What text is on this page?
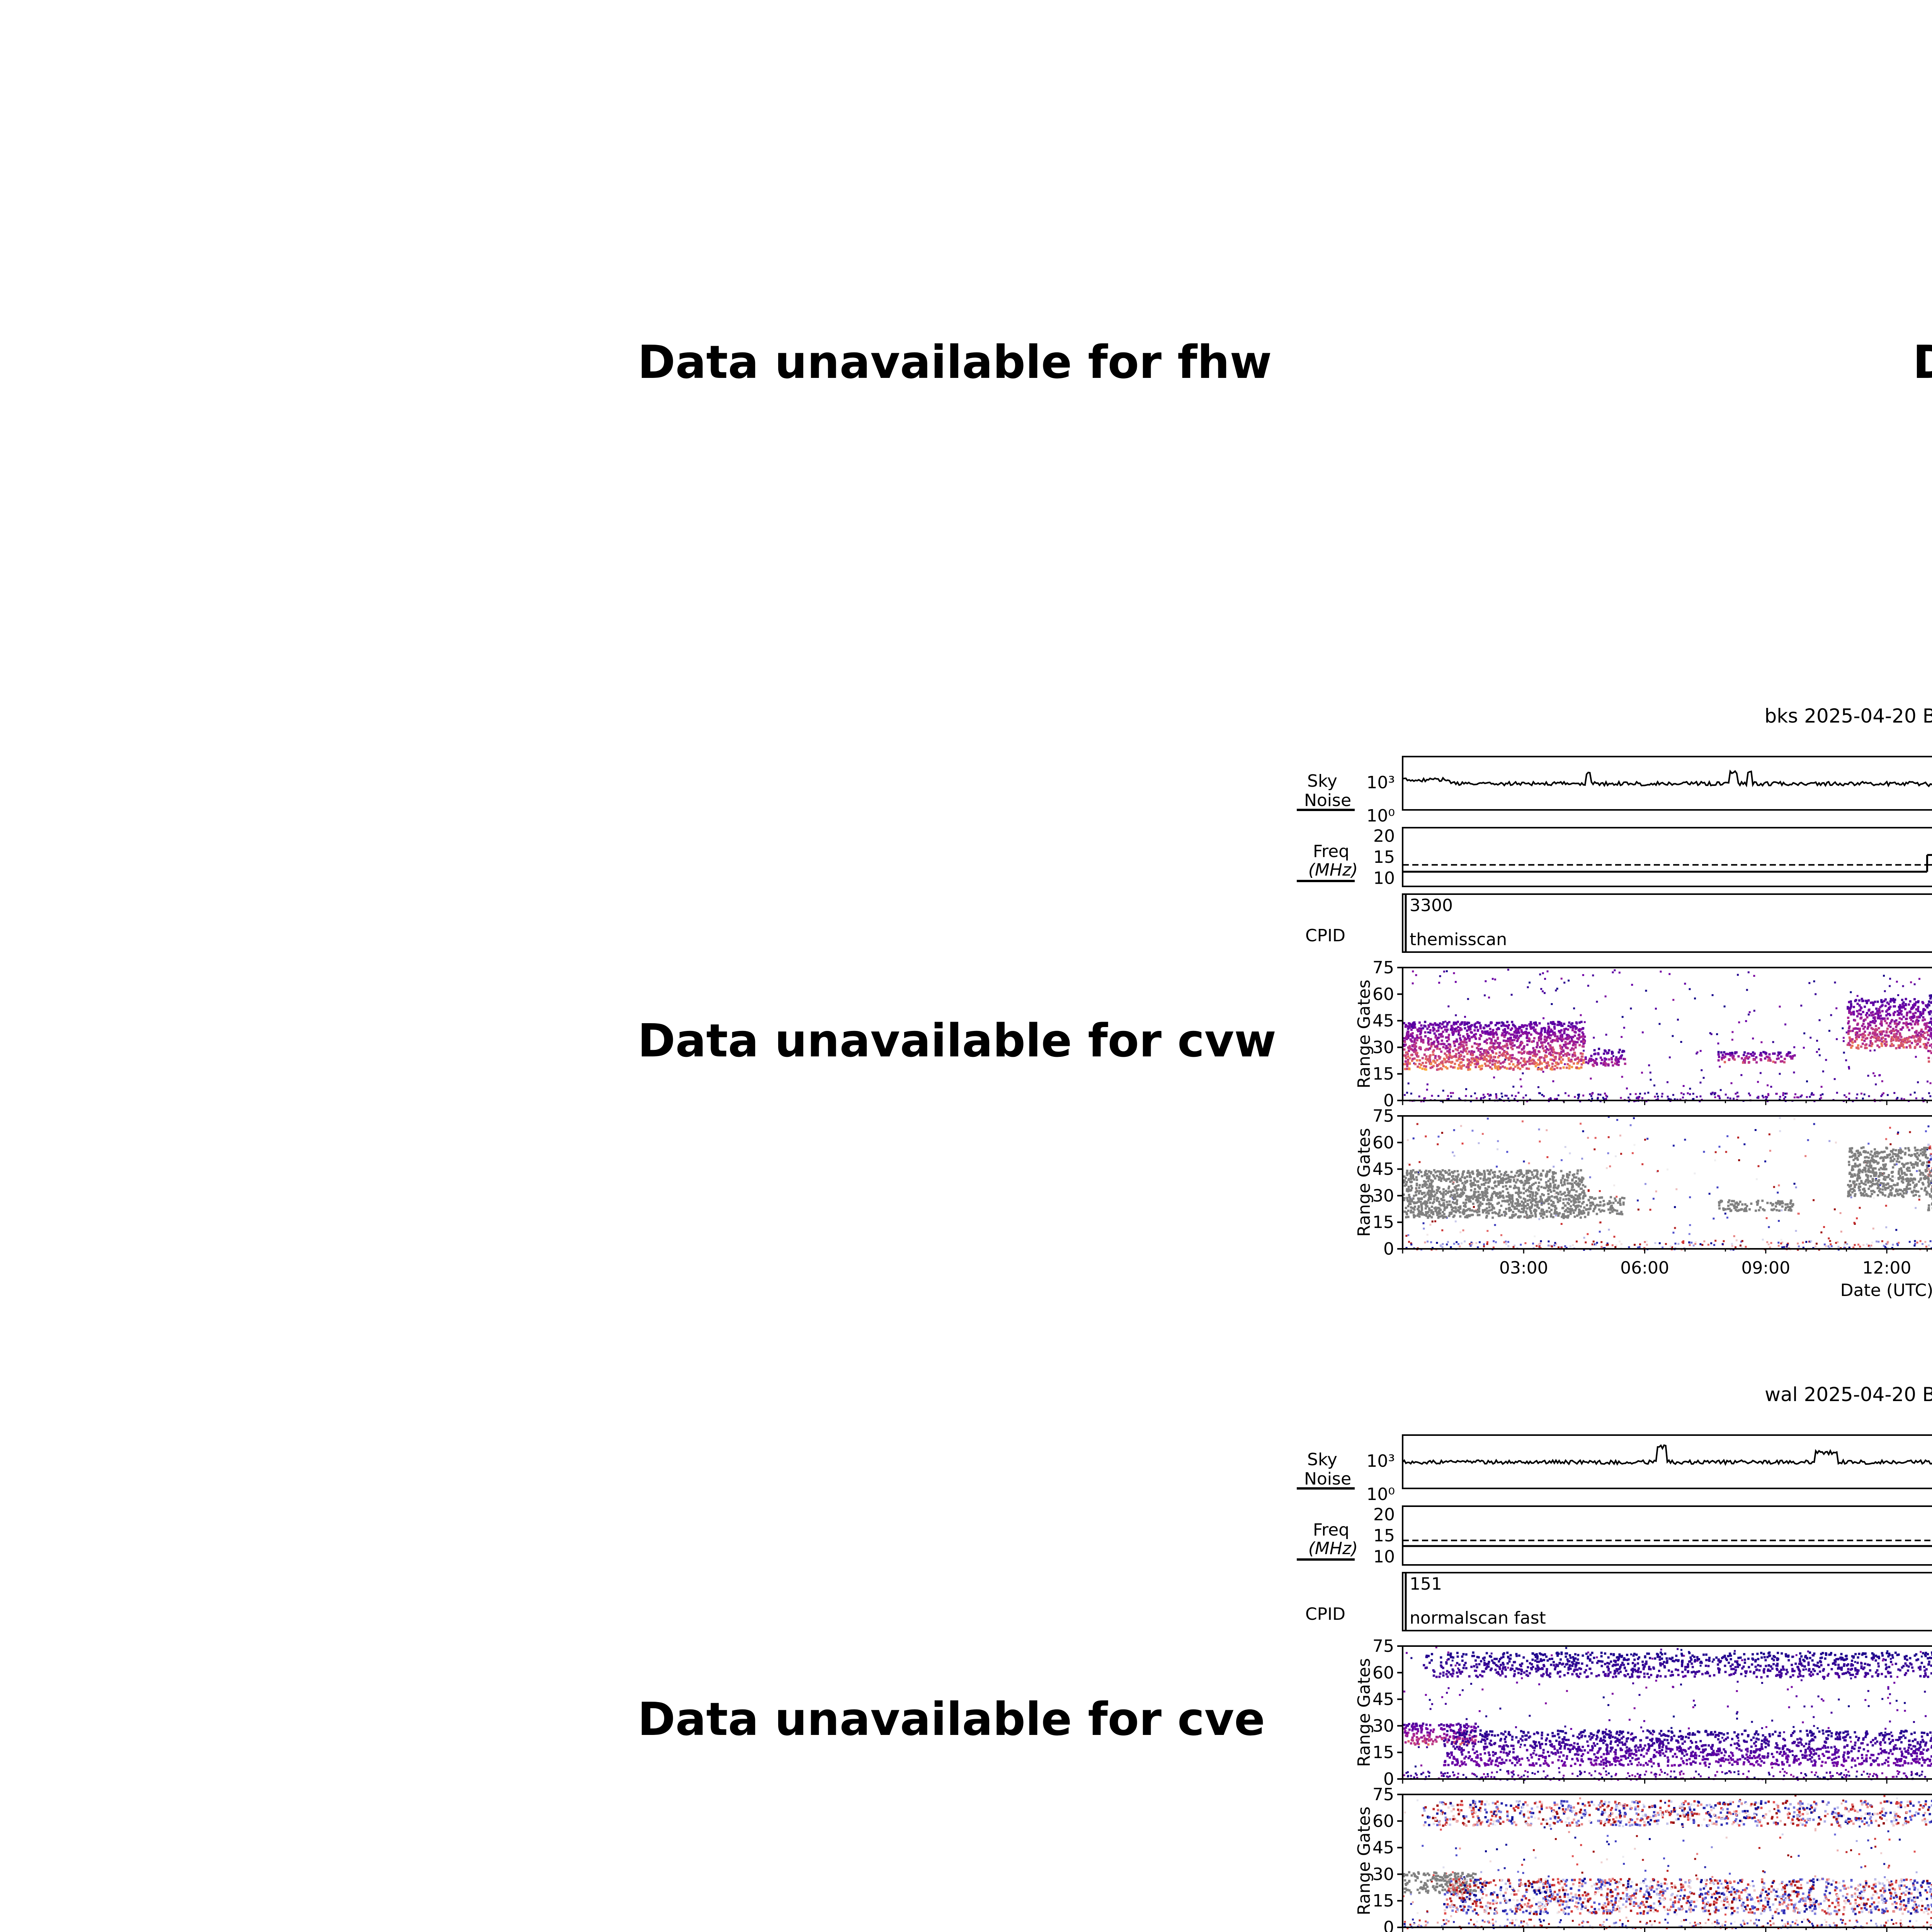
Data unavailable for fhw	D
Data unavailable for cvw
Data unavailable for cve
bks 2025-04-20 B
Sky
Noise
10³
10⁰
Freq
(MHz)
20
15
10
CPID
3300
themisscan
75
60
45
30
15
0
Range Gates
75
60
45
30
15
0
Range Gates
03:00	06:00	09:00	12:00
Date (UTC)
wal 2025-04-20 B
Sky
Noise
10³
10⁰
Freq
(MHz)
20
15
10
CPID
151
normalscan fast
75
60
45
30
15
0
Range Gates
75
60
45
30
15
0
Range Gates
